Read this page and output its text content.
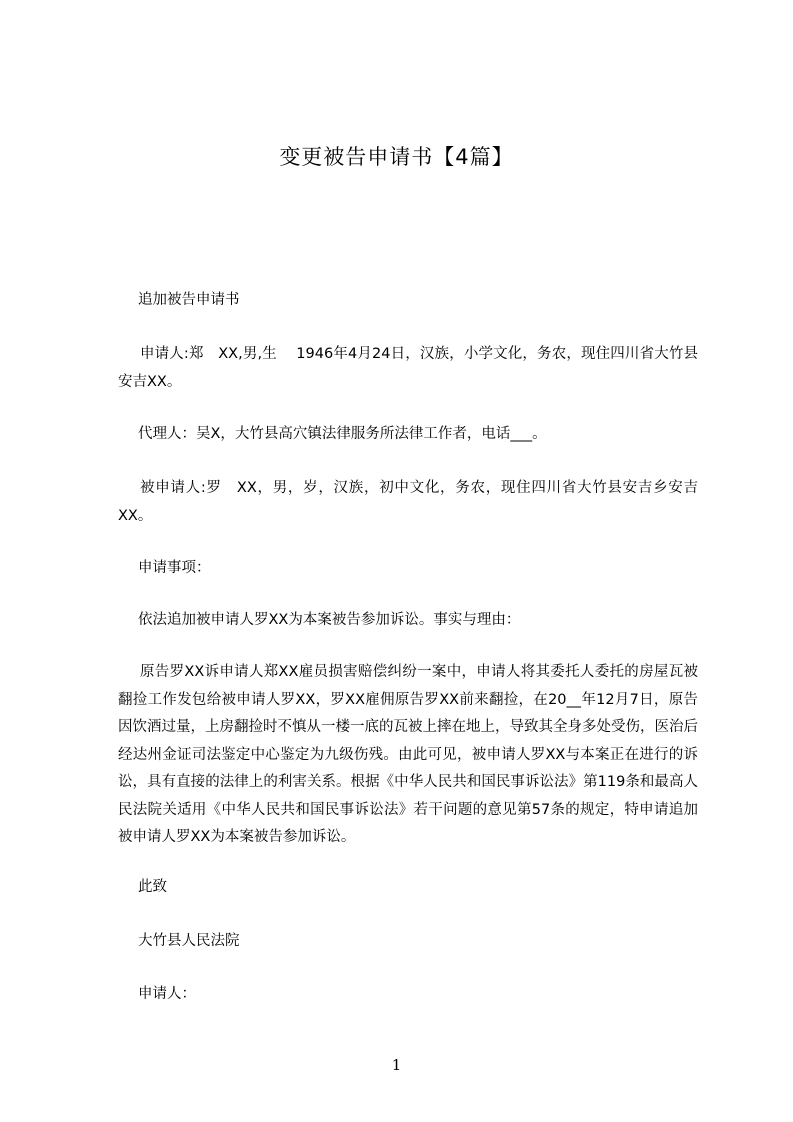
变更被告申请书【4篇】
追加被告申请书
申请人:郑　XX,男,生　 1946年4月24日，汉族，小学文化，务农，现住四川省大竹县安吉XX。
代理人：吴X，大竹县高穴镇法律服务所法律工作者，电话___。
被申请人:罗　XX，男，岁，汉族，初中文化，务农，现住四川省大竹县安吉乡安吉XX。
申请事项：
依法追加被申请人罗XX为本案被告参加诉讼。事实与理由：
原告罗XX诉申请人郑XX雇员损害赔偿纠纷一案中，申请人将其委托人委托的房屋瓦被翻捡工作发包给被申请人罗XX，罗XX雇佣原告罗XX前来翻捡，在20__年12月7日，原告因饮酒过量，上房翻捡时不慎从一楼一底的瓦被上摔在地上，导致其全身多处受伤，医治后经达州金证司法鉴定中心鉴定为九级伤残。由此可见，被申请人罗XX与本案正在进行的诉讼，具有直接的法律上的利害关系。根据《中华人民共和国民事诉讼法》第119条和最高人民法院关适用《中华人民共和国民事诉讼法》若干问题的意见第57条的规定，特申请追加被申请人罗XX为本案被告参加诉讼。
此致
大竹县人民法院
申请人：
1
